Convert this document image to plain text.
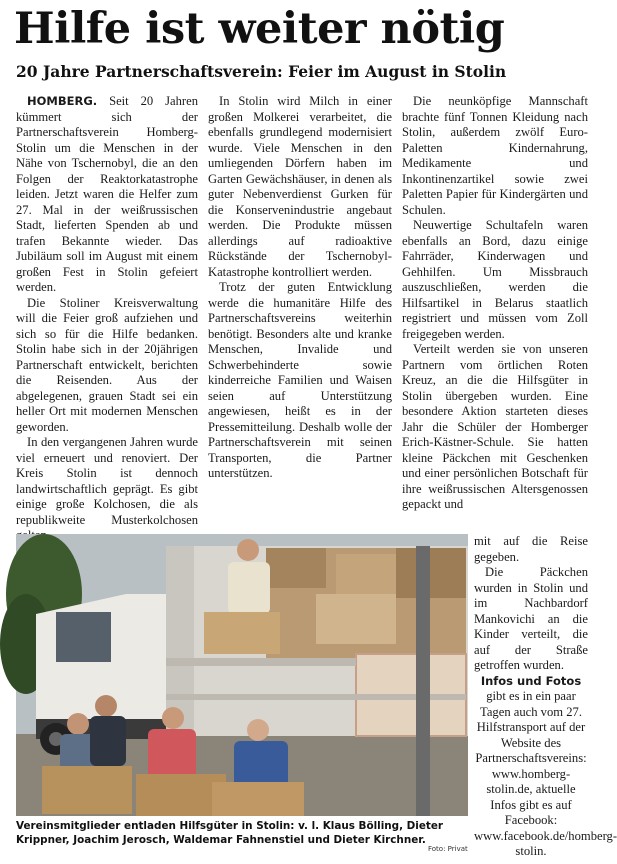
Hilfe ist weiter nötig
20 Jahre Partnerschaftsverein: Feier im August in Stolin

HOMBERG. Seit 20 Jahren kümmert sich der Partnerschaftsverein Homberg-Stolin um die Menschen in der Nähe von Tschernobyl, die an den Folgen der Reaktorkatastrophe leiden. Jetzt waren die Helfer zum 27. Mal in der weißrussischen Stadt, lieferten Spenden ab und trafen Bekannte wieder. Das Jubiläum soll im August mit einem großen Fest in Stolin gefeiert werden.

Die Stoliner Kreisverwaltung will die Feier groß aufziehen und sich so für die Hilfe bedanken. Stolin habe sich in der 20jährigen Partnerschaft entwickelt, berichten die Reisenden. Aus der abgelegenen, grauen Stadt sei ein heller Ort mit modernen Menschen geworden.

In den vergangenen Jahren wurde viel erneuert und renoviert. Der Kreis Stolin ist dennoch landwirtschaftlich geprägt. Es gibt einige große Kolchosen, die als republikweite Musterkolchosen

In Stolin wird Milch in einer großen Molkerei verarbeitet, die ebenfalls grundlegend modernisiert wurde. Viele Menschen in den umliegenden Dörfern haben im Garten Gewächshäuser, in denen als guter Nebenverdienst Gurken für die Konservenindustrie angebaut werden. Die Produkte müssen allerdings auf radioaktive Rückstände der Tschernobyl-Katastrophe kontrolliert werden.

Trotz der guten Entwicklung werde die humanitäre Hilfe des Partnerschaftsvereins weiterhin benötigt. Besonders alte und kranke Menschen, Invalide und Schwerbehinderte sowie kinderreiche Familien und Waisen seien auf Unterstützung angewiesen, heißt es in der Pressemitteilung. Deshalb wolle der Partnerschaftsverein mit seinen Transporten, die Partner unterstützen.

Die neunköpfige Mannschaft brachte fünf Tonnen Kleidung nach Stolin, außerdem zwölf Euro-Paletten Kindernahrung, Medikamente und Inkontinenzartikel sowie zwei Paletten Papier für Kindergärten und Schulen.

Neuwertige Schultafeln waren ebenfalls an Bord, dazu einige Fahrräder, Kinderwagen und Gehhilfen. Um Missbrauch auszuschließen, werden die Hilfsartikel in Belarus staatlich registriert und müssen vom Zoll freigegeben werden.

Verteilt werden sie von unseren Partnern vom örtlichen Roten Kreuz, an die die Hilfsgüter in Stolin übergeben wurden. Eine besondere Aktion starteten dieses Jahr die Schüler der Homberger Erich-Kästner-Schule. Sie hatten kleine Päckchen mit Geschenken und einer persönlichen Botschaft für ihre weißrussischen Altersgenossen gepackt und

mit auf die Reise gegeben.

Die Päckchen wurden in Stolin und im Nachbardorf Mankovichi an die Kinder verteilt, die auf der Straße getroffen wurden.

Infos und Fotos
gibt es in ein paar Tagen auch vom 27. Hilfstransport auf der Website des Partnerschaftsvereins: www.homberg-stolin.de, aktuelle Infos gibt es auf Facebook: www.facebook.de/homberg-stolin.

Vereinsmitglieder entladen Hilfsgüter in Stolin: v. l. Klaus Bölling, Dieter Krippner, Joachim Jerosch, Waldemar Fahnenstiel und Dieter Kirchner.
Foto: Privat
